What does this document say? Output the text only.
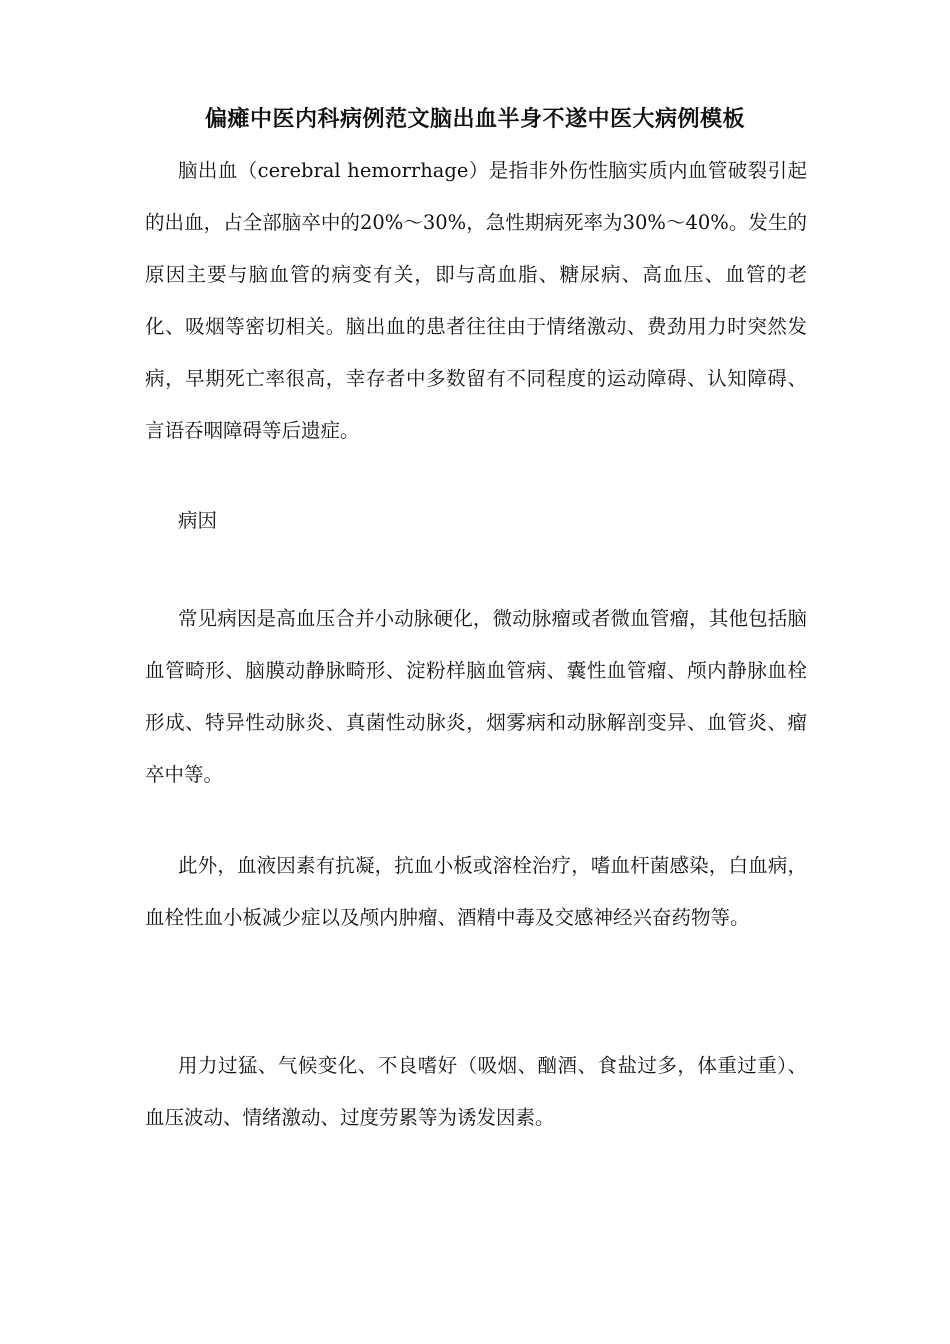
偏瘫中医内科病例范文脑出血半身不遂中医大病例模板

脑出血（cerebral hemorrhage）是指非外伤性脑实质内血管破裂引起的出血，占全部脑卒中的20%～30%，急性期病死率为30%～40%。发生的原因主要与脑血管的病变有关，即与高血脂、糖尿病、高血压、血管的老化、吸烟等密切相关。脑出血的患者往往由于情绪激动、费劲用力时突然发病，早期死亡率很高，幸存者中多数留有不同程度的运动障碍、认知障碍、言语吞咽障碍等后遗症。

病因

常见病因是高血压合并小动脉硬化，微动脉瘤或者微血管瘤，其他包括脑血管畸形、脑膜动静脉畸形、淀粉样脑血管病、囊性血管瘤、颅内静脉血栓形成、特异性动脉炎、真菌性动脉炎，烟雾病和动脉解剖变异、血管炎、瘤卒中等。

此外，血液因素有抗凝，抗血小板或溶栓治疗，嗜血杆菌感染，白血病，血栓性血小板减少症以及颅内肿瘤、酒精中毒及交感神经兴奋药物等。

用力过猛、气候变化、不良嗜好（吸烟、酗酒、食盐过多，体重过重）、血压波动、情绪激动、过度劳累等为诱发因素。
